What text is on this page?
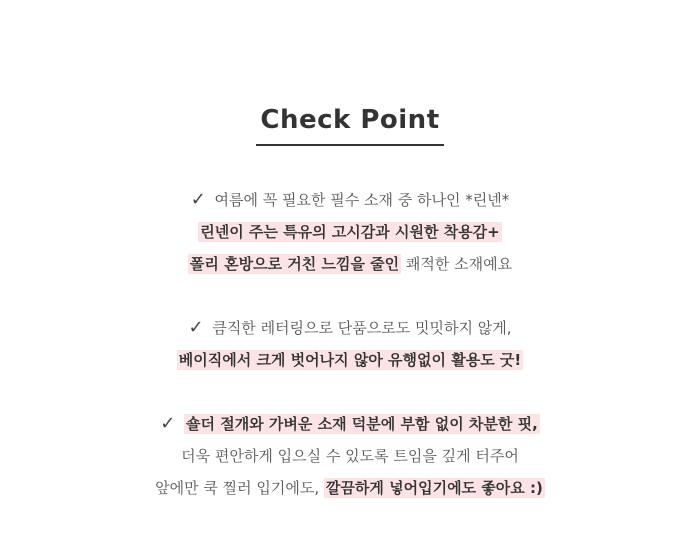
Check Point
✓ 여름에 꼭 필요한 필수 소재 중 하나인 *린넨*
린넨이 주는 특유의 고시감과 시원한 착용감+
폴리 혼방으로 거친 느낌을 줄인 쾌적한 소재예요
✓ 큼직한 레터링으로 단품으로도 밋밋하지 않게,
베이직에서 크게 벗어나지 않아 유행없이 활용도 굿!
✓ 숄더 절개와 가벼운 소재 덕분에 부함 없이 차분한 핏,
더욱 편안하게 입으실 수 있도록 트임을 깊게 터주어
앞에만 쿡 찔러 입기에도, 깔끔하게 넣어입기에도 좋아요 :)
